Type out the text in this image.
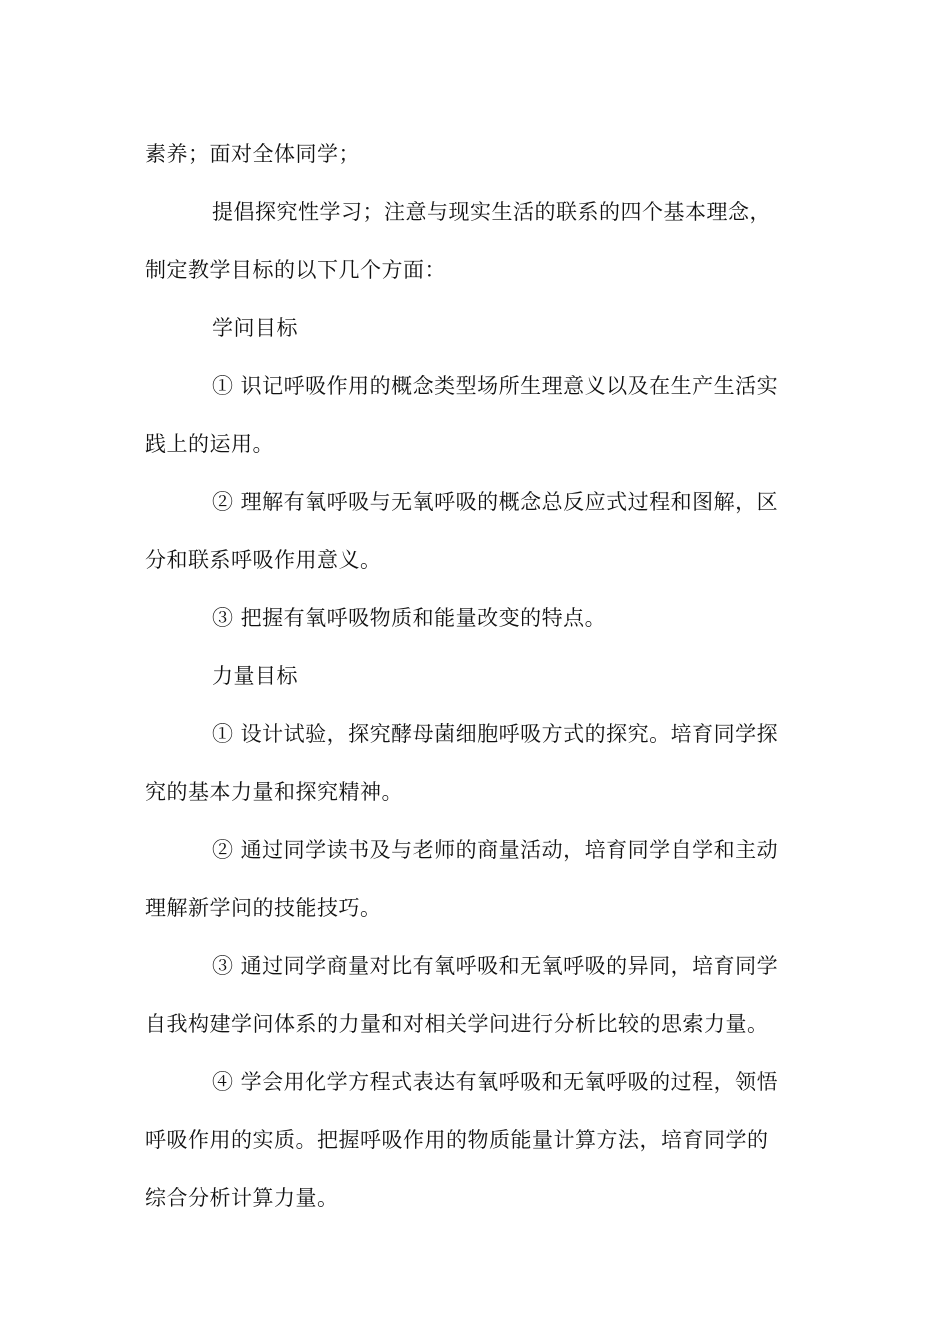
素养；面对全体同学；
提倡探究性学习；注意与现实生活的联系的四个基本理念，
制定教学目标的以下几个方面：
学问目标
① 识记呼吸作用的概念类型场所生理意义以及在生产生活实
践上的运用。
② 理解有氧呼吸与无氧呼吸的概念总反应式过程和图解，区
分和联系呼吸作用意义。
③ 把握有氧呼吸物质和能量改变的特点。
力量目标
① 设计试验，探究酵母菌细胞呼吸方式的探究。培育同学探
究的基本力量和探究精神。
② 通过同学读书及与老师的商量活动，培育同学自学和主动
理解新学问的技能技巧。
③ 通过同学商量对比有氧呼吸和无氧呼吸的异同，培育同学
自我构建学问体系的力量和对相关学问进行分析比较的思索力量。
④ 学会用化学方程式表达有氧呼吸和无氧呼吸的过程，领悟
呼吸作用的实质。把握呼吸作用的物质能量计算方法，培育同学的
综合分析计算力量。
